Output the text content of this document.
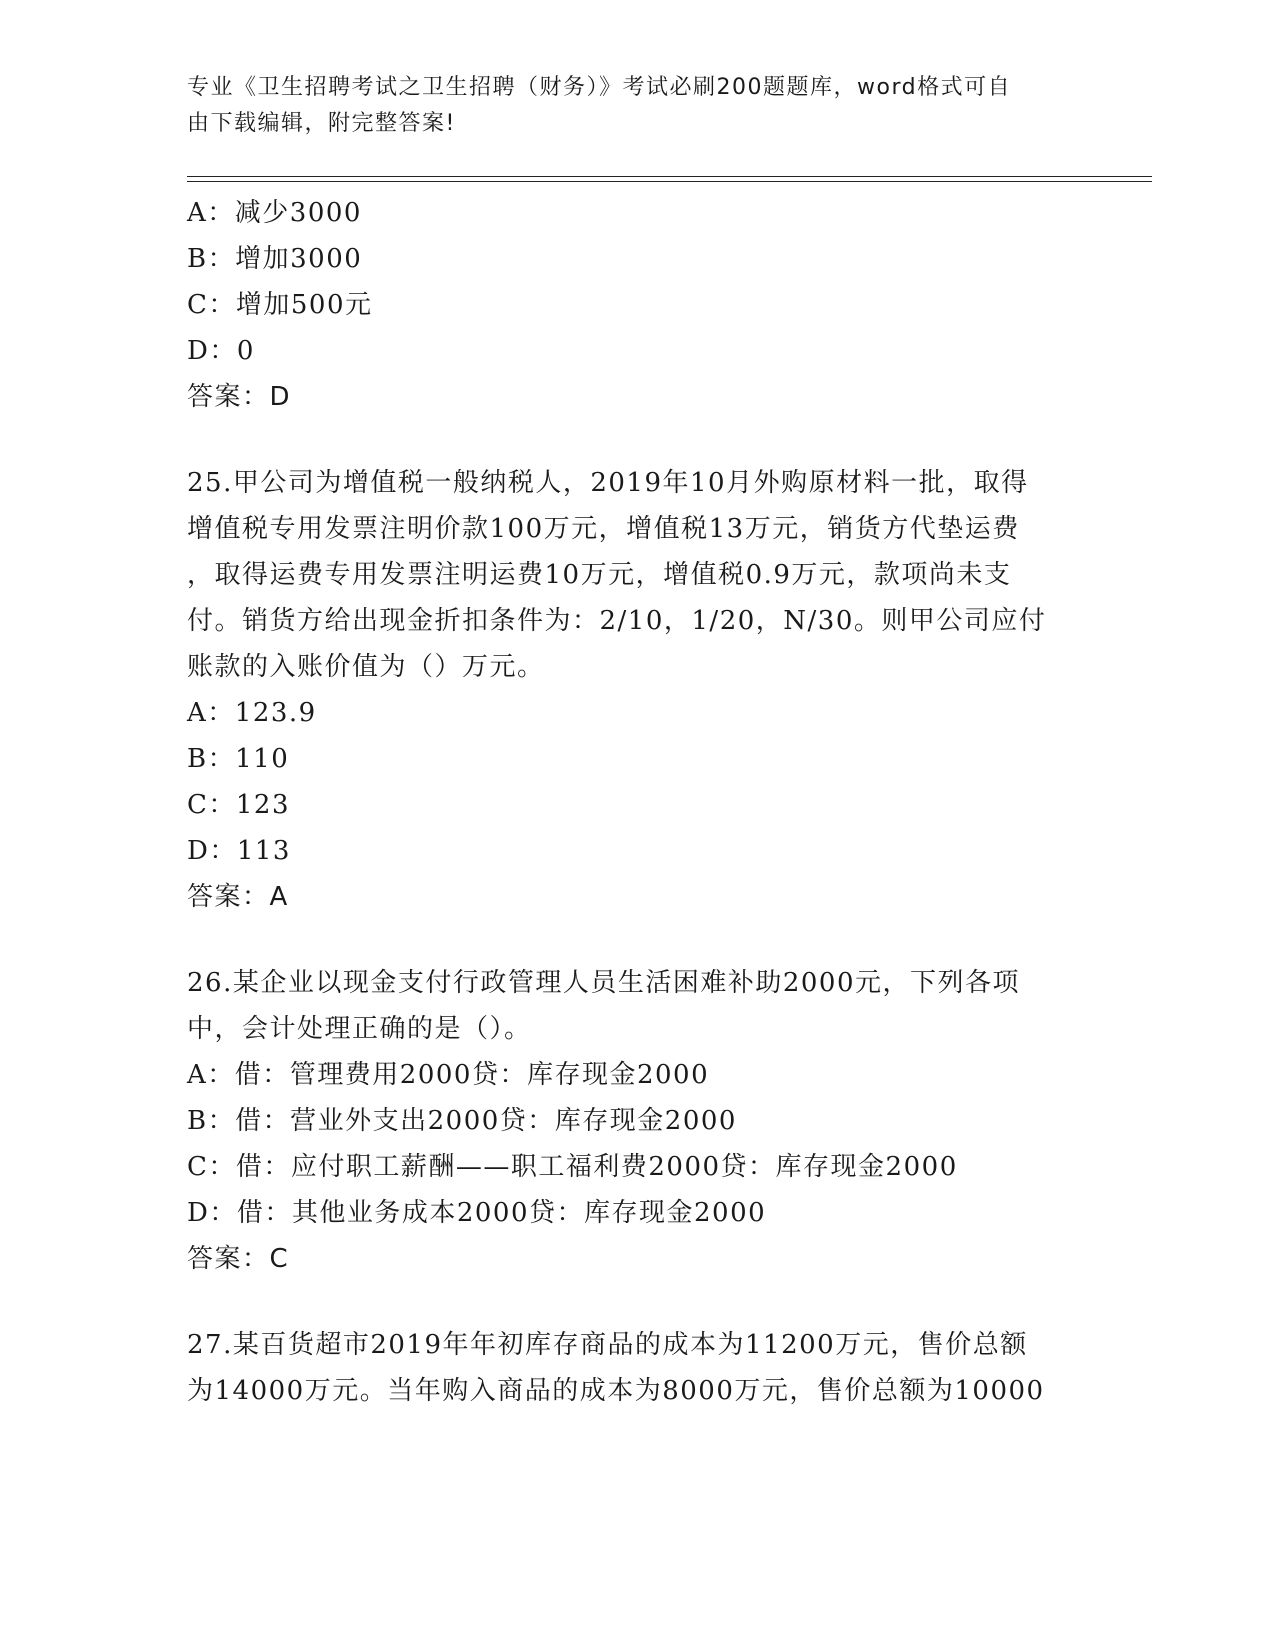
专业《卫生招聘考试之卫生招聘（财务）》考试必刷200题题库，word格式可自
由下载编辑，附完整答案!
A：减少3000
B：增加3000
C：增加500元
D：0
答案：D
25.甲公司为增值税一般纳税人，2019年10月外购原材料一批，取得
增值税专用发票注明价款100万元，增值税13万元，销货方代垫运费
，取得运费专用发票注明运费10万元，增值税0.9万元，款项尚未支
付。销货方给出现金折扣条件为：2/10，1/20，N/30。则甲公司应付
账款的入账价值为（）万元。
A：123.9
B：110
C：123
D：113
答案：A
26.某企业以现金支付行政管理人员生活困难补助2000元，下列各项
中，会计处理正确的是（）。
A：借：管理费用2000贷：库存现金2000
B：借：营业外支出2000贷：库存现金2000
C：借：应付职工薪酬——职工福利费2000贷：库存现金2000
D：借：其他业务成本2000贷：库存现金2000
答案：C
27.某百货超市2019年年初库存商品的成本为11200万元，售价总额
为14000万元。当年购入商品的成本为8000万元，售价总额为10000
